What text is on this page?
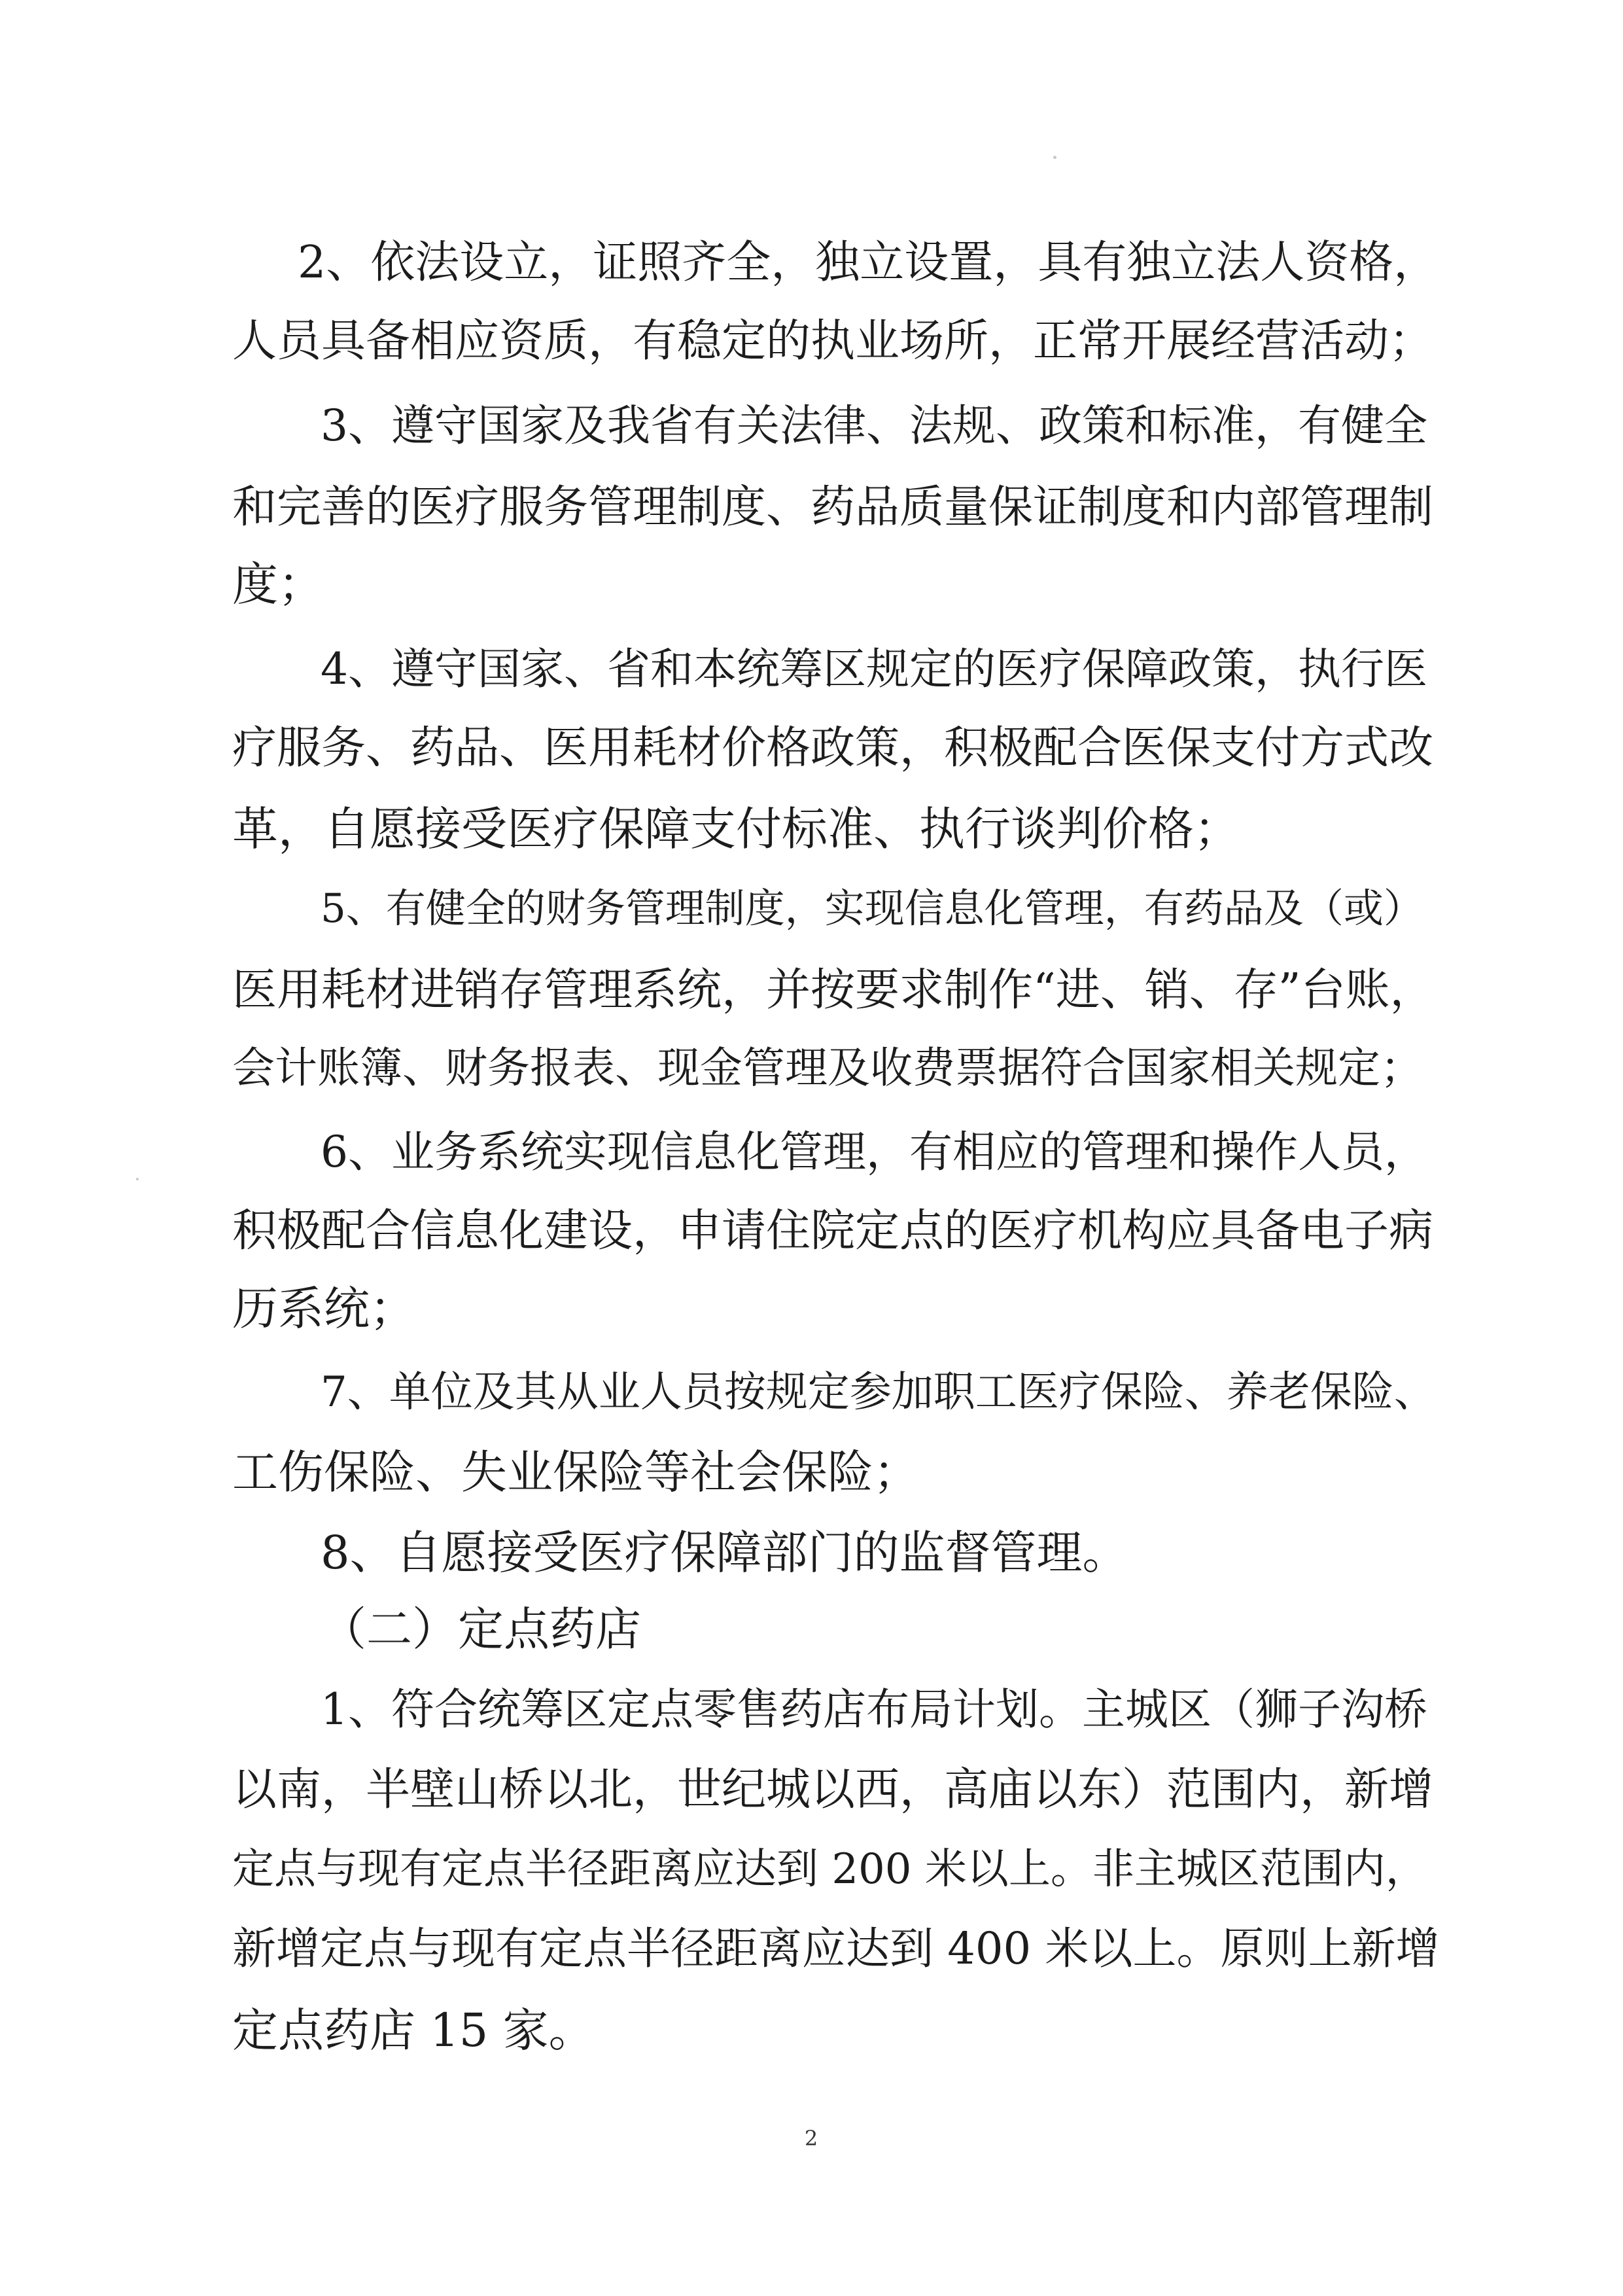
2、依法设立，证照齐全，独立设置，具有独立法人资格，
人员具备相应资质，有稳定的执业场所，正常开展经营活动；
3、遵守国家及我省有关法律、法规、政策和标准，有健全
和完善的医疗服务管理制度、药品质量保证制度和内部管理制
度；
4、遵守国家、省和本统筹区规定的医疗保障政策，执行医
疗服务、药品、医用耗材价格政策，积极配合医保支付方式改
革，自愿接受医疗保障支付标准、执行谈判价格；
5、有健全的财务管理制度，实现信息化管理，有药品及（或）
医用耗材进销存管理系统，并按要求制作“进、销、存”台账，
会计账簿、财务报表、现金管理及收费票据符合国家相关规定；
6、业务系统实现信息化管理，有相应的管理和操作人员，
积极配合信息化建设，申请住院定点的医疗机构应具备电子病
历系统；
7、单位及其从业人员按规定参加职工医疗保险、养老保险、
工伤保险、失业保险等社会保险；
8、自愿接受医疗保障部门的监督管理。
（二）定点药店
1、符合统筹区定点零售药店布局计划。主城区（狮子沟桥
以南，半壁山桥以北，世纪城以西，高庙以东）范围内，新增
定点与现有定点半径距离应达到 200 米以上。非主城区范围内，
新增定点与现有定点半径距离应达到 400 米以上。原则上新增
定点药店 15 家。
2
